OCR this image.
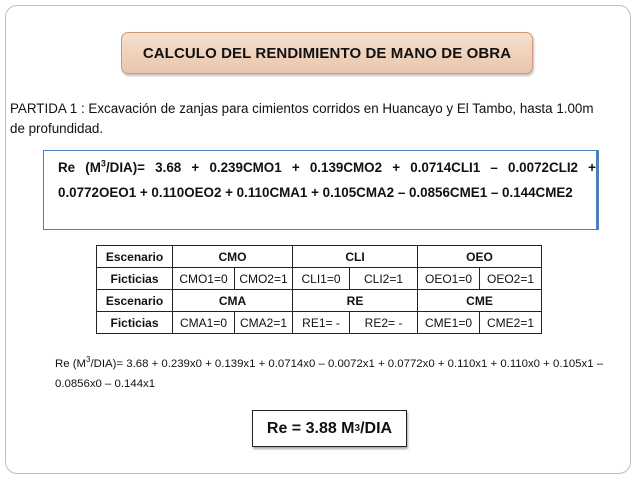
CALCULO DEL RENDIMIENTO DE MANO DE OBRA
PARTIDA 1 : Excavación de zanjas para cimientos corridos en Huancayo y El Tambo, hasta 1.00m de profundidad.
Re $(M^3/DIA)= 3.68 + 0.239CMO1 + 0.139CMO2 + 0.0714CLI1 - 0.0072CLI2 + 0.0772OEO1 + 0.110OEO2 + 0.110CMA1 + 0.105CMA2 - 0.0856CME1 - 0.144CME2$
Escenario	CMO		CLI		OEO	
Ficticias	CMO1=0	CMO2=1	CLI1=0	CLI2=1	OEO1=0	OEO2=1
Escenario	CMA		RE		CME	
Ficticias	CMA1=0	CMA2=1	RE1= -	RE2= -	CME1=0	CME2=1
Re $(M^3/DIA)= 3.68 + 0.239x0 + 0.139x1 + 0.0714x0 - 0.0072x1 + 0.0772x0 + 0.110x1 + 0.110x0 + 0.105x1 - 0.0856x0 - 0.144x1$
Re = 3.88 M 3 /DIA
